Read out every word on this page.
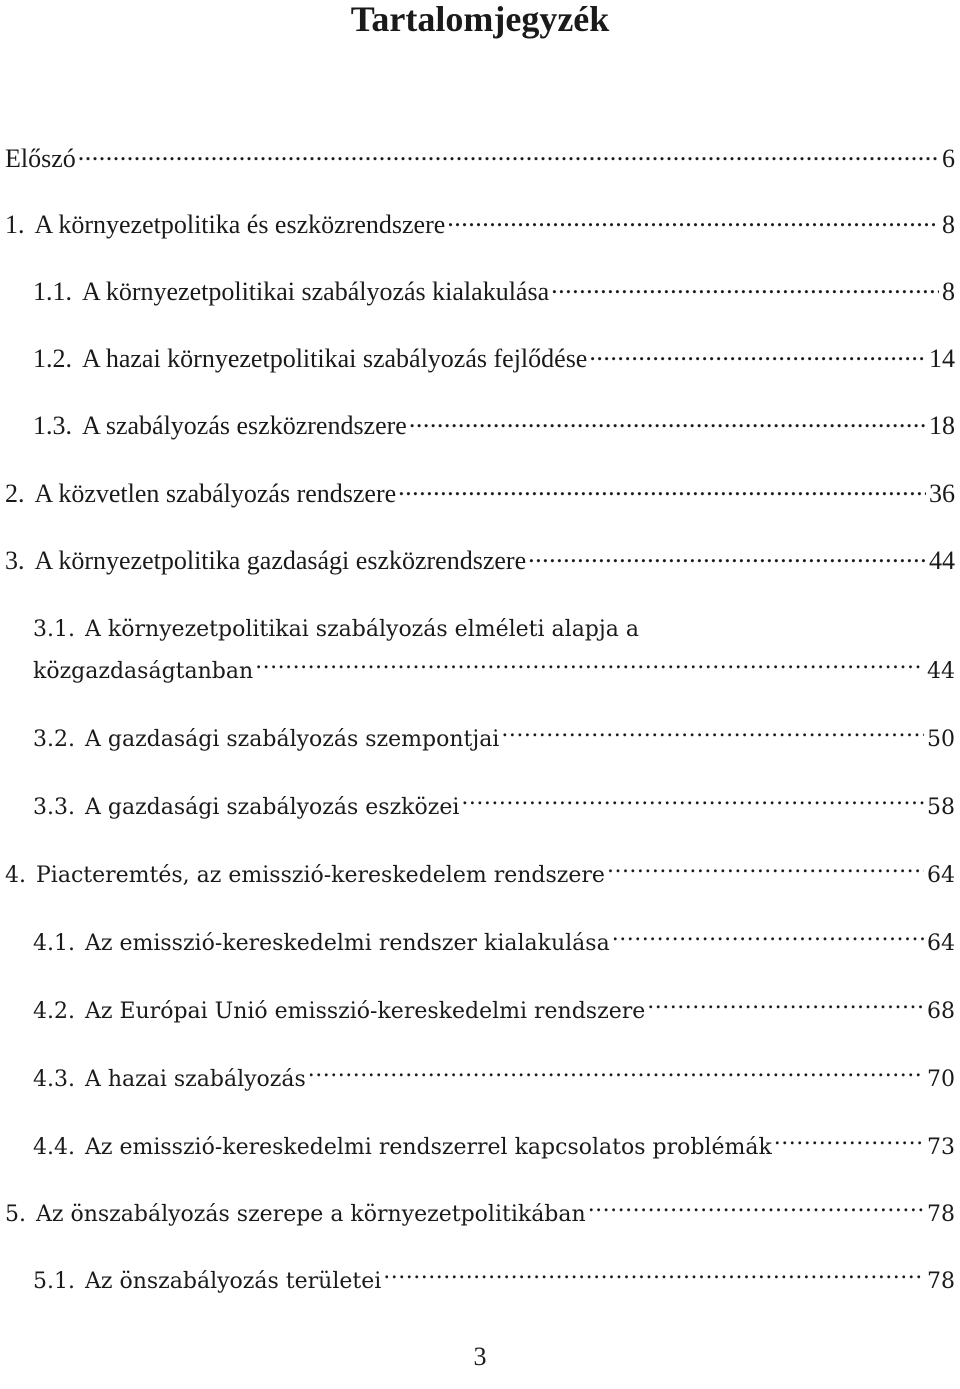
Tartalomjegyzék
Előszó .....	6
1. A környezetpolitika és eszközrendszere .....	8
1.1. A környezetpolitikai szabályozás kialakulása .....	8
1.2. A hazai környezetpolitikai szabályozás fejlődése .....	14
1.3. A szabályozás eszközrendszere .....	18
2. A közvetlen szabályozás rendszere .....	36
3. A környezetpolitika gazdasági eszközrendszere .....	44
3.1. A környezetpolitikai szabályozás elméleti alapja a
közgazdaságtanban .....	44
3.2. A gazdasági szabályozás szempontjai .....	50
3.3. A gazdasági szabályozás eszközei .....	58
4. Piacteremtés, az emisszió-kereskedelem rendszere .....	64
4.1. Az emisszió-kereskedelmi rendszer kialakulása .....	64
4.2. Az Európai Unió emisszió-kereskedelmi rendszere .....	68
4.3. A hazai szabályozás .....	70
4.4. Az emisszió-kereskedelmi rendszerrel kapcsolatos problémák .....	73
5. Az önszabályozás szerepe a környezetpolitikában .....	78
5.1. Az önszabályozás területei .....	78
3
